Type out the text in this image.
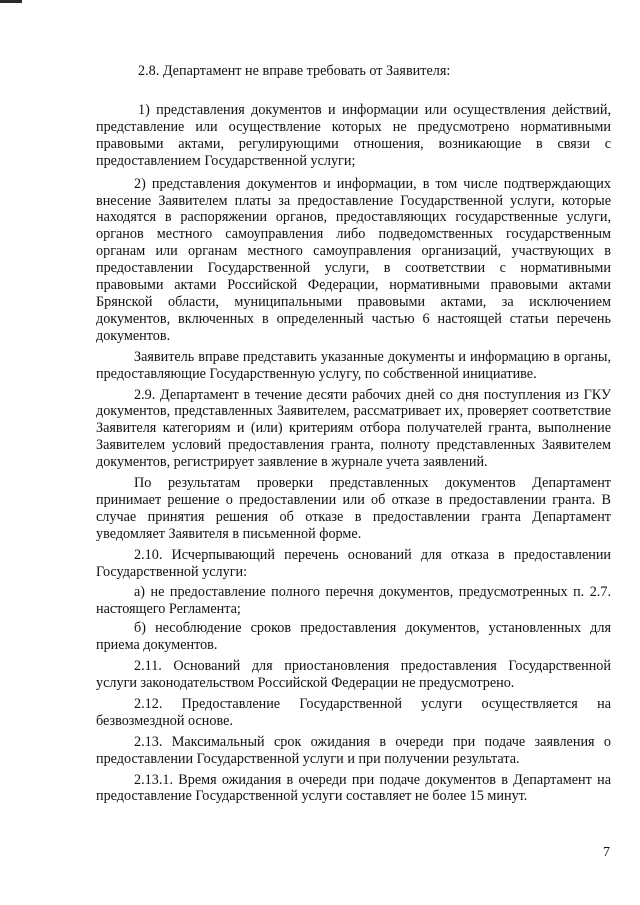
2.8. Департамент не вправе требовать от Заявителя:

1) представления документов и информации или осуществления действий, представление или осуществление которых не предусмотрено нормативными правовыми актами, регулирующими отношения, возникающие в связи с предоставлением Государственной услуги;

2) представления документов и информации, в том числе подтверждающих внесение Заявителем платы за предоставление Государственной услуги, которые находятся в распоряжении органов, предоставляющих государственные услуги, органов местного самоуправления либо подведомственных государственным органам или органам местного самоуправления организаций, участвующих в предоставлении Государственной услуги, в соответствии с нормативными правовыми актами Российской Федерации, нормативными правовыми актами Брянской области, муниципальными правовыми актами, за исключением документов, включенных в определенный частью 6 настоящей статьи перечень документов.

Заявитель вправе представить указанные документы и информацию в органы, предоставляющие Государственную услугу, по собственной инициативе.

2.9. Департамент в течение десяти рабочих дней со дня поступления из ГКУ документов, представленных Заявителем, рассматривает их, проверяет соответствие Заявителя категориям и (или) критериям отбора получателей гранта, выполнение Заявителем условий предоставления гранта, полноту представленных Заявителем документов, регистрирует заявление в журнале учета заявлений.

По результатам проверки представленных документов Департамент принимает решение о предоставлении или об отказе в предоставлении гранта. В случае принятия решения об отказе в предоставлении гранта Департамент уведомляет Заявителя в письменной форме.

2.10. Исчерпывающий перечень оснований для отказа в предоставлении Государственной услуги:

а) не предоставление полного перечня документов, предусмотренных п. 2.7. настоящего Регламента;

б) несоблюдение сроков предоставления документов, установленных для приема документов.

2.11. Оснований для приостановления предоставления Государственной услуги законодательством Российской Федерации не предусмотрено.

2.12. Предоставление Государственной услуги осуществляется на безвозмездной основе.

2.13. Максимальный срок ожидания в очереди при подаче заявления о предоставлении Государственной услуги и при получении результата.

2.13.1. Время ожидания в очереди при подаче документов в Департамент на предоставление Государственной услуги составляет не более 15 минут.

7
